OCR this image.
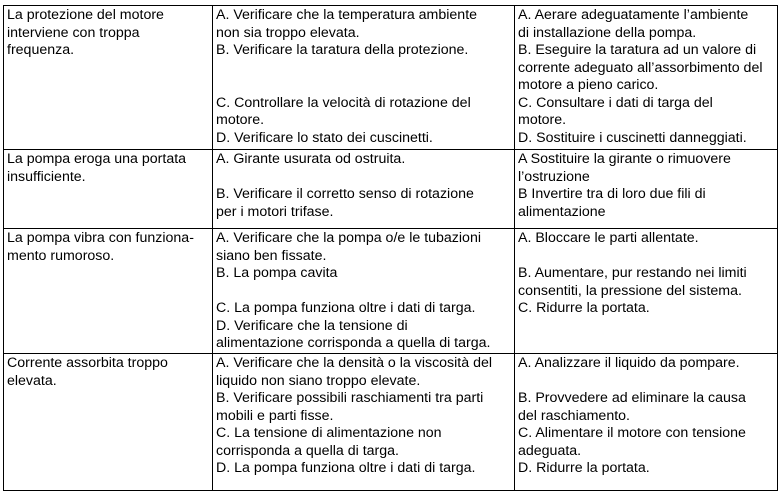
La protezione del motore
interviene con troppa
frequenza.
A. Verificare che la temperatura ambiente
non sia troppo elevata.
B. Verificare la taratura della protezione.
C. Controllare la velocità di rotazione del
motore.
D. Verificare lo stato dei cuscinetti.
A. Aerare adeguatamente l’ambiente
di installazione della pompa.
B. Eseguire la taratura ad un valore di
corrente adeguato all’assorbimento del
motore a pieno carico.
C. Consultare i dati di targa del
motore.
D. Sostituire i cuscinetti danneggiati.
La pompa eroga una portata
insufficiente.
A. Girante usurata od ostruita.
B. Verificare il corretto senso di rotazione
per i motori trifase.
A Sostituire la girante o rimuovere
l’ostruzione
B Invertire tra di loro due fili di
alimentazione
La pompa vibra con funziona-
mento rumoroso.
A. Verificare che la pompa o/e le tubazioni
siano ben fissate.
B. La pompa cavita
C. La pompa funziona oltre i dati di targa.
D. Verificare che la tensione di
alimentazione corrisponda a quella di targa.
A. Bloccare le parti allentate.
B. Aumentare, pur restando nei limiti
consentiti, la pressione del sistema.
C. Ridurre la portata.
Corrente assorbita troppo
elevata.
A. Verificare che la densità o la viscosità del
liquido non siano troppo elevate.
B. Verificare possibili raschiamenti tra parti
mobili e parti fisse.
C. La tensione di alimentazione non
corrisponda a quella di targa.
D. La pompa funziona oltre i dati di targa.
A. Analizzare il liquido da pompare.
B. Provvedere ad eliminare la causa
del raschiamento.
C. Alimentare il motore con tensione
adeguata.
D. Ridurre la portata.
